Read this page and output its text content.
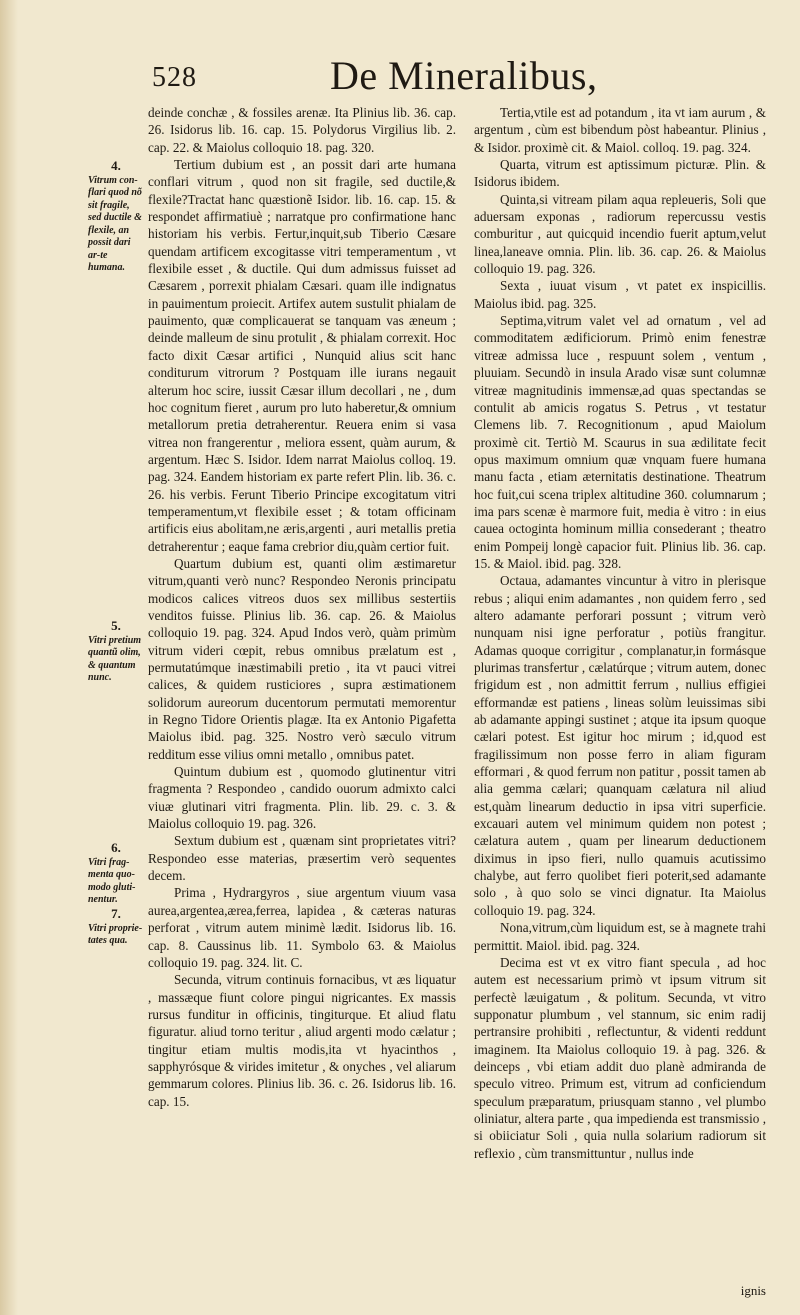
528	De Mineralibus,
4.
Vitrum con-flari quod nõ sit fragile, sed ductile & flexile, an possit dari ar-te humana.
5.
Vitri pretium quantũ olim, & quantum nunc.
6.
Vitri frag-menta quo-modo gluti-nentur.
7.
Vitri proprie-tates qua.

deinde conchæ , & fossiles arenæ. Ita Plinius lib. 36. cap. 26. Isidorus lib. 16. cap. 15. Polydorus Virgilius lib. 2. cap. 22. & Maiolus colloquio 18. pag. 320.

Tertium dubium est , an possit dari arte humana conflari vitrum , quod non sit fragile, sed ductile,& flexile?Tractat hanc quæstionẽ Isidor. lib. 16. cap. 15. & respondet affirmatiuè ; narratque pro confirmatione hanc historiam his verbis. Fertur,inquit,sub Tiberio Cæsare quendam artificem excogitasse vitri temperamentum , vt flexibile esset , & ductile. Qui dum admissus fuisset ad Cæsarem , porrexit phialam Cæsari. quam ille indignatus in pauimentum proiecit. Artifex autem sustulit phialam de pauimento, quæ complicauerat se tanquam vas æneum ; deinde malleum de sinu protulit , & phialam correxit. Hoc facto dixit Cæsar artifici , Nunquid alius scit hanc conditurum vitrorum ? Postquam ille iurans negauit alterum hoc scire, iussit Cæsar illum decollari , ne , dum hoc cognitum fieret , aurum pro luto haberetur,& omnium metallorum pretia detraherentur. Reuera enim si vasa vitrea non frangerentur , meliora essent, quàm aurum, & argentum. Hæc S. Isidor. Idem narrat Maiolus colloq. 19. pag. 324. Eandem historiam ex parte refert Plin. lib. 36. c. 26. his verbis. Ferunt Tiberio Principe excogitatum vitri temperamentum,vt flexibile esset ; & totam officinam artificis eius abolitam,ne æris,argenti , auri metallis pretia detraherentur ; eaque fama crebrior diu,quàm certior fuit.

Quartum dubium est, quanti olim æstimaretur vitrum,quanti verò nunc? Respondeo Neronis principatu modicos calices vitreos duos sex millibus sestertiis venditos fuisse. Plinius lib. 36. cap. 26. & Maiolus colloquio 19. pag. 324. Apud Indos verò, quàm primùm vitrum videri cœpit, rebus omnibus prælatum est , permutatúmque inæstimabili pretio , ita vt pauci vitrei calices, & quidem rusticiores , supra æstimationem solidorum aureorum ducentorum permutati memorentur in Regno Tidore Orientis plagæ. Ita ex Antonio Pigafetta Maiolus ibid. pag. 325. Nostro verò sæculo vitrum redditum esse vilius omni metallo , omnibus patet.

Quintum dubium est , quomodo glutinentur vitri fragmenta ? Respondeo , candido ouorum admixto calci viuæ glutinari vitri fragmenta. Plin. lib. 29. c. 3. & Maiolus colloquio 19. pag. 326.

Sextum dubium est , quænam sint proprietates vitri? Respondeo esse materias, præsertim verò sequentes decem.

Prima , Hydrargyros , siue argentum viuum vasa aurea,argentea,ærea,ferrea, lapidea , & cæteras naturas perforat , vitrum autem minimè lædit. Isidorus lib. 16. cap. 8. Caussinus lib. 11. Symbolo 63. & Maiolus colloquio 19. pag. 324. lit. C.

Secunda, vitrum continuis fornacibus, vt æs liquatur , massæque fiunt colore pingui nigricantes. Ex massis rursus funditur in officinis, tingiturque. Et aliud flatu figuratur. aliud torno teritur , aliud argenti modo cælatur ; tingitur etiam multis modis,ita vt hyacinthos , sapphyrósque & virides imitetur , & onyches , vel aliarum gemmarum colores. Plinius lib. 36. c. 26. Isidorus lib. 16. cap. 15.

Tertia,vtile est ad potandum , ita vt iam aurum , & argentum , cùm est bibendum pòst habeantur. Plinius , & Isidor. proximè cit. & Maiol. colloq. 19. pag. 324.

Quarta, vitrum est aptissimum picturæ. Plin. & Isidorus ibidem.

Quinta,si vitream pilam aqua repleueris, Soli que aduersam exponas , radiorum repercussu vestis comburitur , aut quicquid incendio fuerit aptum,velut linea,laneave omnia. Plin. lib. 36. cap. 26. & Maiolus colloquio 19. pag. 326.

Sexta , iuuat visum , vt patet ex inspicillis. Maiolus ibid. pag. 325.

Septima,vitrum valet vel ad ornatum , vel ad commoditatem ædificiorum. Primò enim fenestræ vitreæ admissa luce , respuunt solem , ventum , pluuiam. Secundò in insula Arado visæ sunt columnæ vitreæ magnitudinis immensæ,ad quas spectandas se contulit ab amicis rogatus S. Petrus , vt testatur Clemens lib. 7. Recognitionum , apud Maiolum proximè cit. Tertiò M. Scaurus in sua ædilitate fecit opus maximum omnium quæ vnquam fuere humana manu facta , etiam æternitatis destinatione. Theatrum hoc fuit,cui scena triplex altitudine 360. columnarum ; ima pars scenæ è marmore fuit, media è vitro : in eius cauea octoginta hominum millia consederant ; theatro enim Pompeij longè capacior fuit. Plinius lib. 36. cap. 15. & Maiol. ibid. pag. 328.

Octaua, adamantes vincuntur à vitro in plerisque rebus ; aliqui enim adamantes , non quidem ferro , sed altero adamante perforari possunt ; vitrum verò nunquam nisi igne perforatur , potiùs frangitur. Adamas quoque corrigitur , complanatur,in formásque plurimas transfertur , cælatúrque ; vitrum autem, donec frigidum est , non admittit ferrum , nullius effigiei efformandæ est patiens , lineas solùm leuissimas sibi ab adamante appingi sustinet ; atque ita ipsum quoque cælari potest. Est igitur hoc mirum ; id,quod est fragilissimum non posse ferro in aliam figuram efformari , & quod ferrum non patitur , possit tamen ab alia gemma cælari; quanquam cælatura nil aliud est,quàm linearum deductio in ipsa vitri superficie. excauari autem vel minimum quidem non potest ; cælatura autem , quam per linearum deductionem diximus in ipso fieri, nullo quamuis acutissimo chalybe, aut ferro quolibet fieri poterit,sed adamante solo , à quo solo se vinci dignatur. Ita Maiolus colloquio 19. pag. 324.

Nona,vitrum,cùm liquidum est, se à magnete trahi permittit. Maiol. ibid. pag. 324.

Decima est vt ex vitro fiant specula , ad hoc autem est necessarium primò vt ipsum vitrum sit perfectè læuigatum , & politum. Secunda, vt vitro supponatur plumbum , vel stannum, sic enim radij pertransire prohibiti , reflectuntur, & videnti reddunt imaginem. Ita Maiolus colloquio 19. à pag. 326. & deinceps , vbi etiam addit duo planè admiranda de speculo vitreo. Primum est, vitrum ad conficiendum speculum præparatum, priusquam stanno , vel plumbo oliniatur, altera parte , qua impedienda est transmissio , si obiiciatur Soli , quia nulla solarium radiorum sit reflexio , cùm transmittuntur , nullus inde

ignis
